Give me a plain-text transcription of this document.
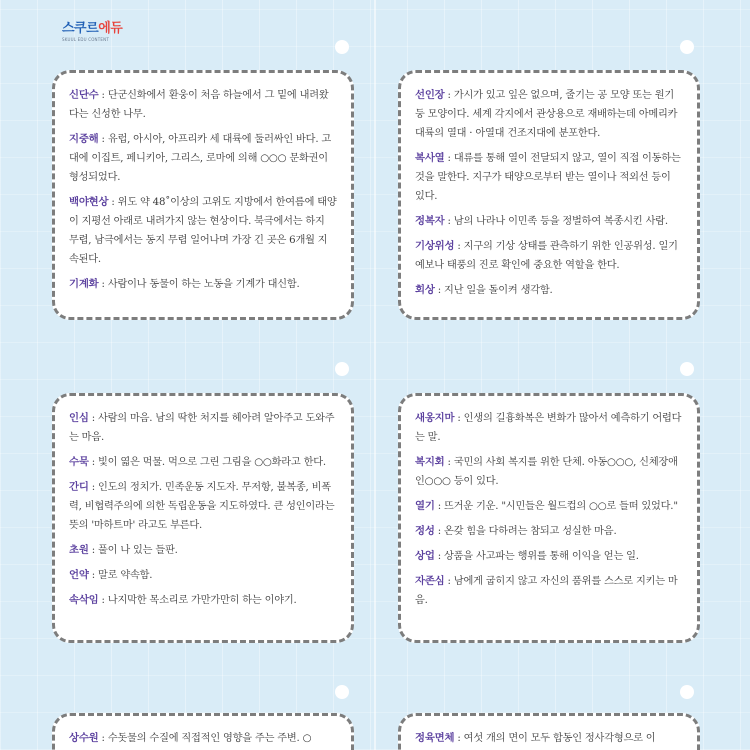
스쿠르에듀
SKUUL EDU CONTENT
신단수 : 단군신화에서 환웅이 처음 하늘에서 그 밑에 내려왔다는 신성한 나무.
지중해 : 유럽, 아시아, 아프리카 세 대륙에 둘러싸인 바다. 고대에 이집트, 페니키아, 그리스, 로마에 의해 ○○○ 문화권이 형성되었다.
백야현상 : 위도 약 48˚이상의 고위도 지방에서 한여름에 태양이 지평선 아래로 내려가지 않는 현상이다. 북극에서는 하지 무렵, 남극에서는 동지 무렵 일어나며 가장 긴 곳은 6개월 지속된다.
기계화 : 사람이나 동물이 하는 노동을 기계가 대신함.
선인장 : 가시가 있고 잎은 없으며, 줄기는 공 모양 또는 원기둥 모양이다. 세계 각지에서 관상용으로 재배하는데 아메리카 대륙의 열대 · 아열대 건조지대에 분포한다.
복사열 : 대류를 통해 열이 전달되지 않고, 열이 직접 이동하는 것을 말한다. 지구가 태양으로부터 받는 열이나 적외선 등이 있다.
정복자 : 남의 나라나 이민족 등을 정벌하여 복종시킨 사람.
기상위성 : 지구의 기상 상태를 관측하기 위한 인공위성. 일기 예보나 태풍의 진로 확인에 중요한 역할을 한다.
회상 : 지난 일을 돌이켜 생각함.
인심 : 사람의 마음. 남의 딱한 처지를 헤아려 알아주고 도와주는 마음.
수묵 : 빛이 엷은 먹물. 먹으로 그린 그림을 ○○화라고 한다.
간디 : 인도의 정치가. 민족운동 지도자. 무저항, 불복종, 비폭력, 비협력주의에 의한 독립운동을 지도하였다. 큰 성인이라는 뜻의 '마하트마' 라고도 부른다.
초원 : 풀이 나 있는 들판.
언약 : 말로 약속함.
속삭임 : 나지막한 목소리로 가만가만히 하는 이야기.
새옹지마 : 인생의 길흉화복은 변화가 많아서 예측하기 어렵다는 말.
복지회 : 국민의 사회 복지를 위한 단체. 아동○○○, 신체장애인○○○ 등이 있다.
열기 : 뜨거운 기운. "시민들은 월드컵의 ○○로 들떠 있었다."
정성 : 온갖 힘을 다하려는 참되고 성실한 마음.
상업 : 상품을 사고파는 행위를 통해 이익을 얻는 일.
자존심 : 남에게 굽히지 않고 자신의 품위를 스스로 지키는 마음.
상수원 : 수돗물의 수질에 직접적인 영향을 주는 주변. ○	정육면체 : 여섯 개의 면이 모두 합동인 정사각형으로 이
